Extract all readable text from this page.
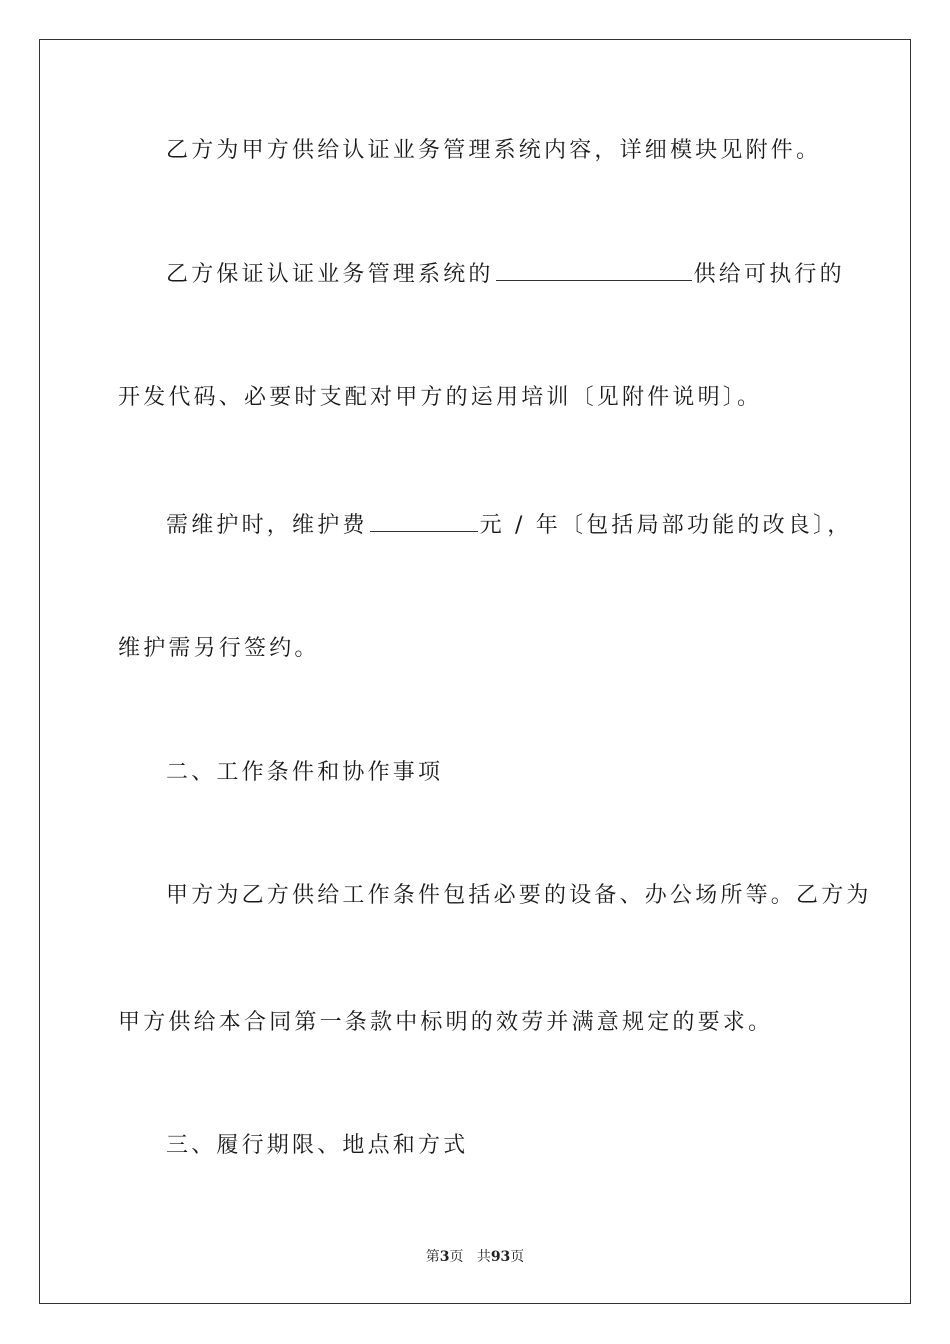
乙方为甲方供给认证业务管理系统内容，详细模块见附件。
乙方保证认证业务管理系统的	供给可执行的
开发代码、必要时支配对甲方的运用培训〔见附件说明〕。
需维护时，维护费	元 / 年〔包括局部功能的改良〕，
维护需另行签约。
二、工作条件和协作事项
甲方为乙方供给工作条件包括必要的设备、办公场所等。乙方为
甲方供给本合同第一条款中标明的效劳并满意规定的要求。
三、履行期限、地点和方式
第3页 共93页
